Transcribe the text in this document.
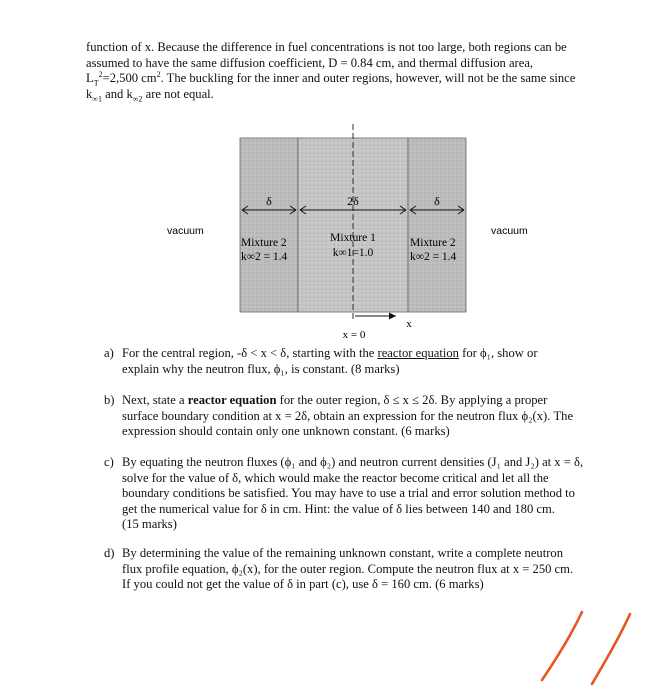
function of x. Because the difference in fuel concentrations is not too large, both regions can be

assumed to have the same diffusion coefficient, D = 0.84 cm, and thermal diffusion area,

$L_T^2=2,500$ $cm^2$. The buckling for the inner and outer regions, however, will not be the same since

$k_{\infty 1}$ and $k_{\infty 2}$ are not equal.

δ	2δ	δ
Mixture 2
k∞2 = 1.4
Mixture 1
k∞1=1.0
Mixture 2
k∞2 = 1.4
vacuum	vacuum
x
x = 0
a) For the central region, -δ < x < δ, starting with the reactor equation for ϕ₁, show or
explain why the neutron flux, ϕ₁, is constant. (8 marks)
b) Next, state a reactor equation for the outer region, δ ≤ x ≤ 2δ. By applying a proper
surface boundary condition at x = 2δ, obtain an expression for the neutron flux ϕ₂(x). The
expression should contain only one unknown constant. (6 marks)
c) By equating the neutron fluxes (ϕ₁ and ϕ₂) and neutron current densities (J₁ and J₂) at x = δ,
solve for the value of δ, which would make the reactor become critical and let all the
boundary conditions be satisfied. You may have to use a trial and error solution method to
get the numerical value for δ in cm. Hint: the value of δ lies between 140 and 180 cm.
(15 marks)
d) By determining the value of the remaining unknown constant, write a complete neutron
flux profile equation, ϕ₂(x), for the outer region. Compute the neutron flux at x = 250 cm.
If you could not get the value of δ in part (c), use δ = 160 cm. (6 marks)
